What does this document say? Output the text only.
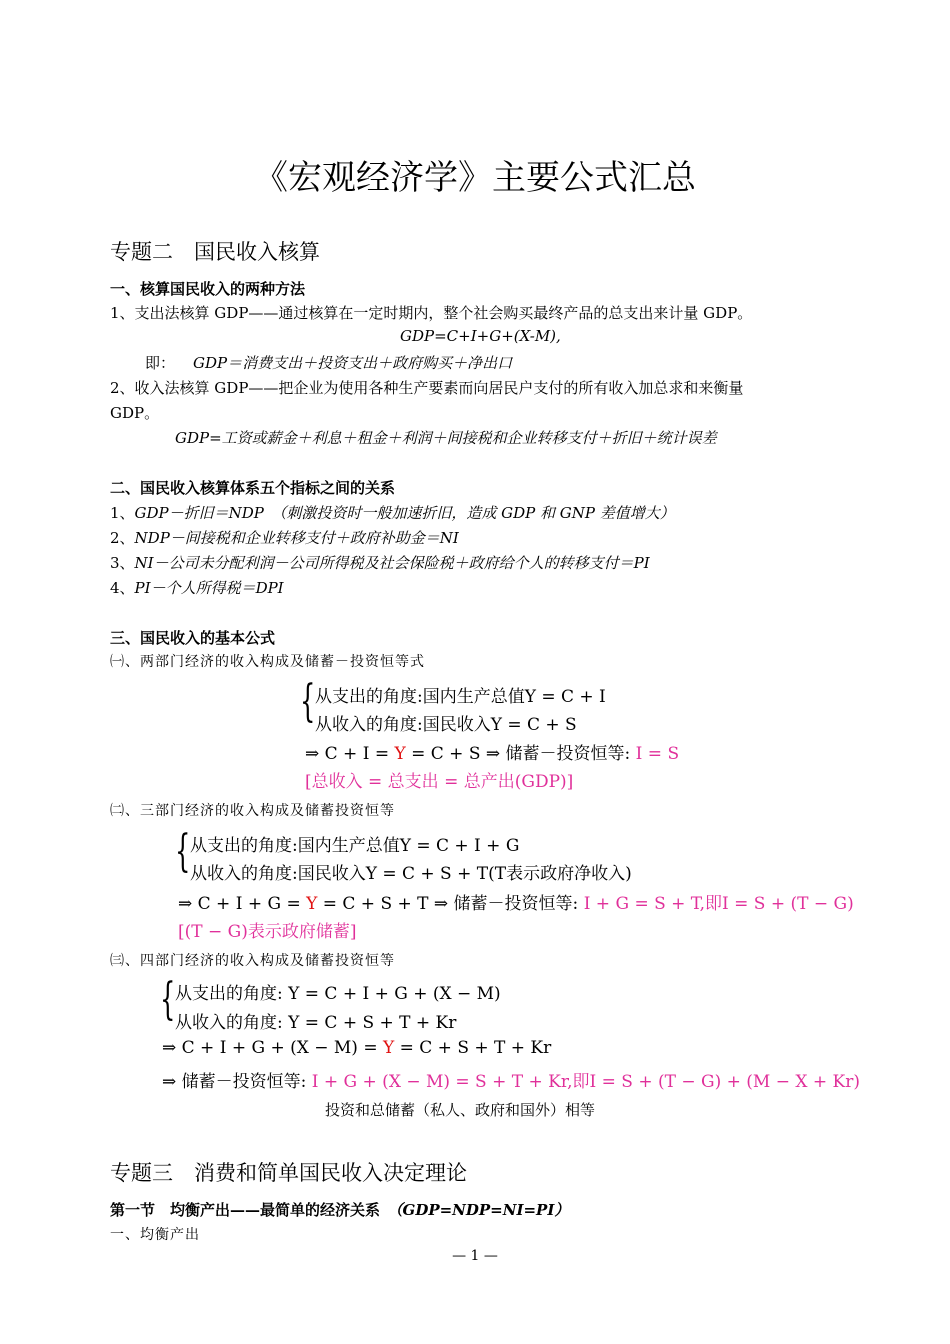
《宏观经济学》主要公式汇总
专题二　国民收入核算
一、核算国民收入的两种方法
1、支出法核算 GDP——通过核算在一定时期内，整个社会购买最终产品的总支出来计量 GDP。
GDP=C+I+G+(X-M),
即： GDP＝消费支出＋投资支出＋政府购买＋净出口
2、收入法核算 GDP——把企业为使用各种生产要素而向居民户支付的所有收入加总求和来衡量
GDP。
GDP=工资或薪金＋利息＋租金＋利润＋间接税和企业转移支付＋折旧＋统计误差
二、国民收入核算体系五个指标之间的关系
1、GDP－折旧＝NDP　（刺激投资时一般加速折旧，造成 GDP 和 GNP 差值增大）
2、NDP－间接税和企业转移支付＋政府补助金＝NI
3、NI－公司未分配利润－公司所得税及社会保险税＋政府给个人的转移支付＝PI
4、PI－个人所得税＝DPI
三、国民收入的基本公式
㈠、两部门经济的收入构成及储蓄－投资恒等式
{ 从支出的角度:国内生产总值Y = C + I
从收入的角度:国民收入Y = C + S
⇒ C + I = Y = C + S ⇒ 储蓄－投资恒等: I = S
[总收入 = 总支出 = 总产出(GDP)]
㈡、三部门经济的收入构成及储蓄投资恒等
{ 从支出的角度:国内生产总值Y = C + I + G
从收入的角度:国民收入Y = C + S + T(T表示政府净收入)
⇒ C + I + G = Y = C + S + T ⇒ 储蓄－投资恒等: I + G = S + T,即I = S + (T − G)
[(T − G)表示政府储蓄]
㈢、四部门经济的收入构成及储蓄投资恒等
{ 从支出的角度: Y = C + I + G + (X − M)
从收入的角度: Y = C + S + T + Kr
⇒ C + I + G + (X − M) = Y = C + S + T + Kr
⇒ 储蓄－投资恒等: I + G + (X − M) = S + T + Kr,即I = S + (T − G) + (M − X + Kr)
投资和总储蓄（私人、政府和国外）相等
专题三　消费和简单国民收入决定理论
第一节　均衡产出——最简单的经济关系　（GDP=NDP=NI=PI）
一、均衡产出
— 1 —
